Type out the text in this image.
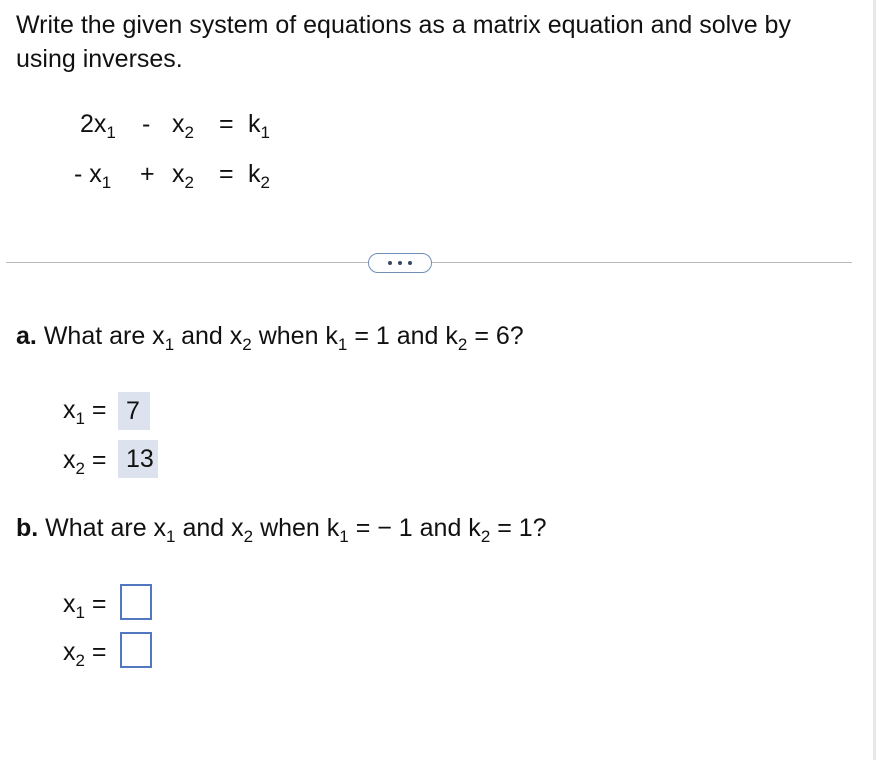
Write the given system of equations as a matrix equation and solve by using inverses.
$2x_1 - x_2 = k_1$
- $x_1 + x_2 = k_2$
a. What are $x_1$ and $x_2$ when $k_1 = 1$ and $k_2 = 6$?
$x_1 = 7$
$x_2 = 13$
b. What are $x_1$ and $x_2$ when $k_1$ = − 1 and $k_2 = 1$?
$x_1$ =
$x_2$ =
